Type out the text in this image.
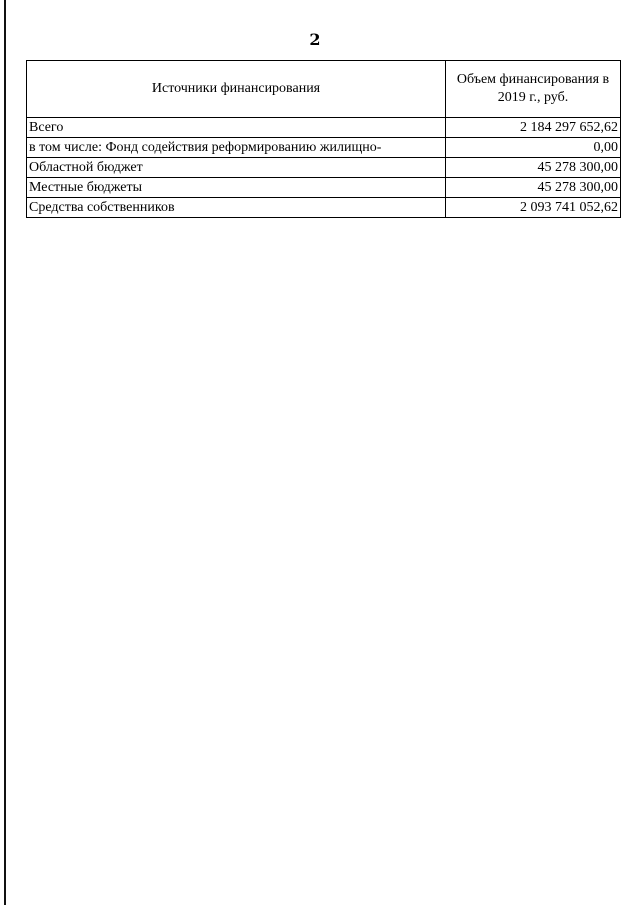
2
Источники финансирования	Объем финансирования в 2019 г., руб.
Всего	2 184 297 652,62
в том числе: Фонд содействия реформированию жилищно-	0,00
Областной бюджет	45 278 300,00
Местные бюджеты	45 278 300,00
Средства собственников	2 093 741 052,62
